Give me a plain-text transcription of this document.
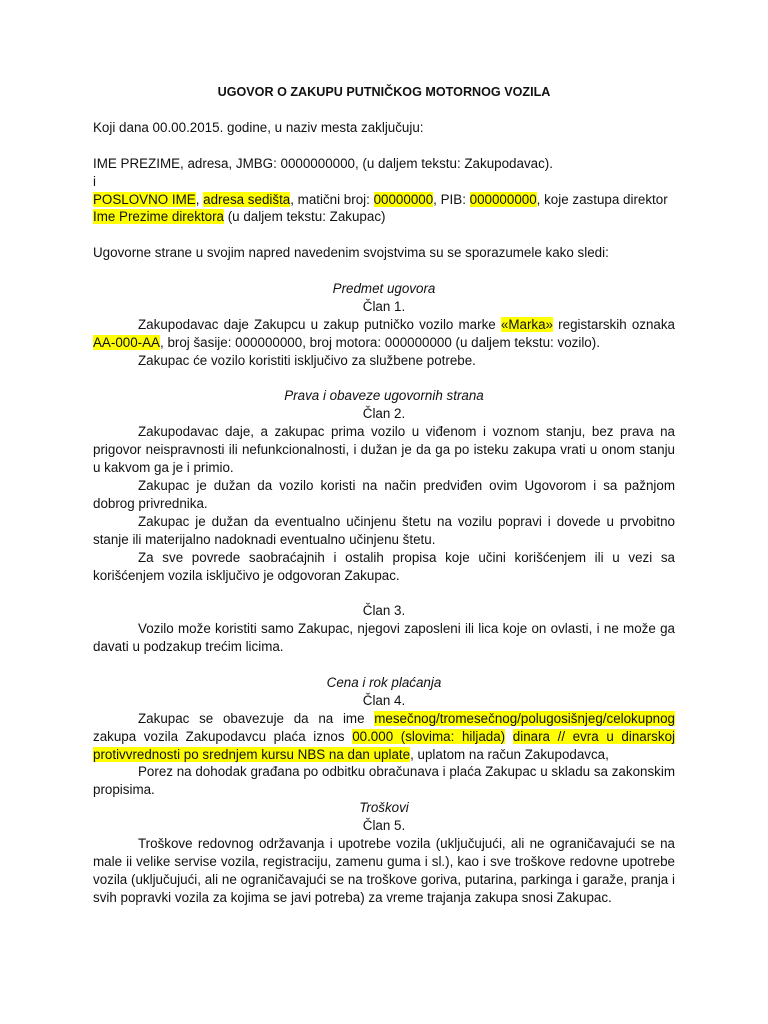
UGOVOR O ZAKUPU PUTNIČKOG MOTORNOG VOZILA

Koji dana 00.00.2015. godine, u naziv mesta zaključuju:

IME PREZIME, adresa, JMBG: 0000000000, (u daljem tekstu: Zakupodavac).

i

POSLOVNO IME, adresa sedišta, matični broj: 00000000, PIB: 000000000, koje zastupa direktor Ime Prezime direktora (u daljem tekstu: Zakupac)

Ugovorne strane u svojim napred navedenim svojstvima su se sporazumele kako sledi:

Predmet ugovora

Član 1.

Zakupodavac daje Zakupcu u zakup putničko vozilo marke «Marka» registarskih oznaka AA-000-AA, broj šasije: 000000000, broj motora: 000000000 (u daljem tekstu: vozilo).

Zakupac će vozilo koristiti isključivo za službene potrebe.

Prava i obaveze ugovornih strana

Član 2.

Zakupodavac daje, a zakupac prima vozilo u viđenom i voznom stanju, bez prava na prigovor neispravnosti ili nefunkcionalnosti, i dužan je da ga po isteku zakupa vrati u onom stanju u kakvom ga je i primio.

Zakupac je dužan da vozilo koristi na način predviđen ovim Ugovorom i sa pažnjom dobrog privrednika.

Zakupac je dužan da eventualno učinjenu štetu na vozilu popravi i dovede u prvobitno stanje ili materijalno nadoknadi eventualno učinjenu štetu.

Za sve povrede saobraćajnih i ostalih propisa koje učini korišćenjem ili u vezi sa korišćenjem vozila isključivo je odgovoran Zakupac.

Član 3.

Vozilo može koristiti samo Zakupac, njegovi zaposleni ili lica koje on ovlasti, i ne može ga davati u podzakup trećim licima.

Cena i rok plaćanja

Član 4.

Zakupac se obavezuje da na ime mesečnog/tromesečnog/polugosišnjeg/celokupnog zakupa vozila Zakupodavcu plaća iznos 00.000 (slovima: hiljada) dinara // evra u dinarskoj protivvrednosti po srednjem kursu NBS na dan uplate, uplatom na račun Zakupodavca,

Porez na dohodak građana po odbitku obračunava i plaća Zakupac u skladu sa zakonskim propisima.

Troškovi

Član 5.

Troškove redovnog održavanja i upotrebe vozila (uključujući, ali ne ograničavajući se na male ii velike servise vozila, registraciju, zamenu guma i sl.), kao i sve troškove redovne upotrebe vozila (uključujući, ali ne ograničavajući se na troškove goriva, putarina, parkinga i garaže, pranja i svih popravki vozila za kojima se javi potreba) za vreme trajanja zakupa snosi Zakupac.
